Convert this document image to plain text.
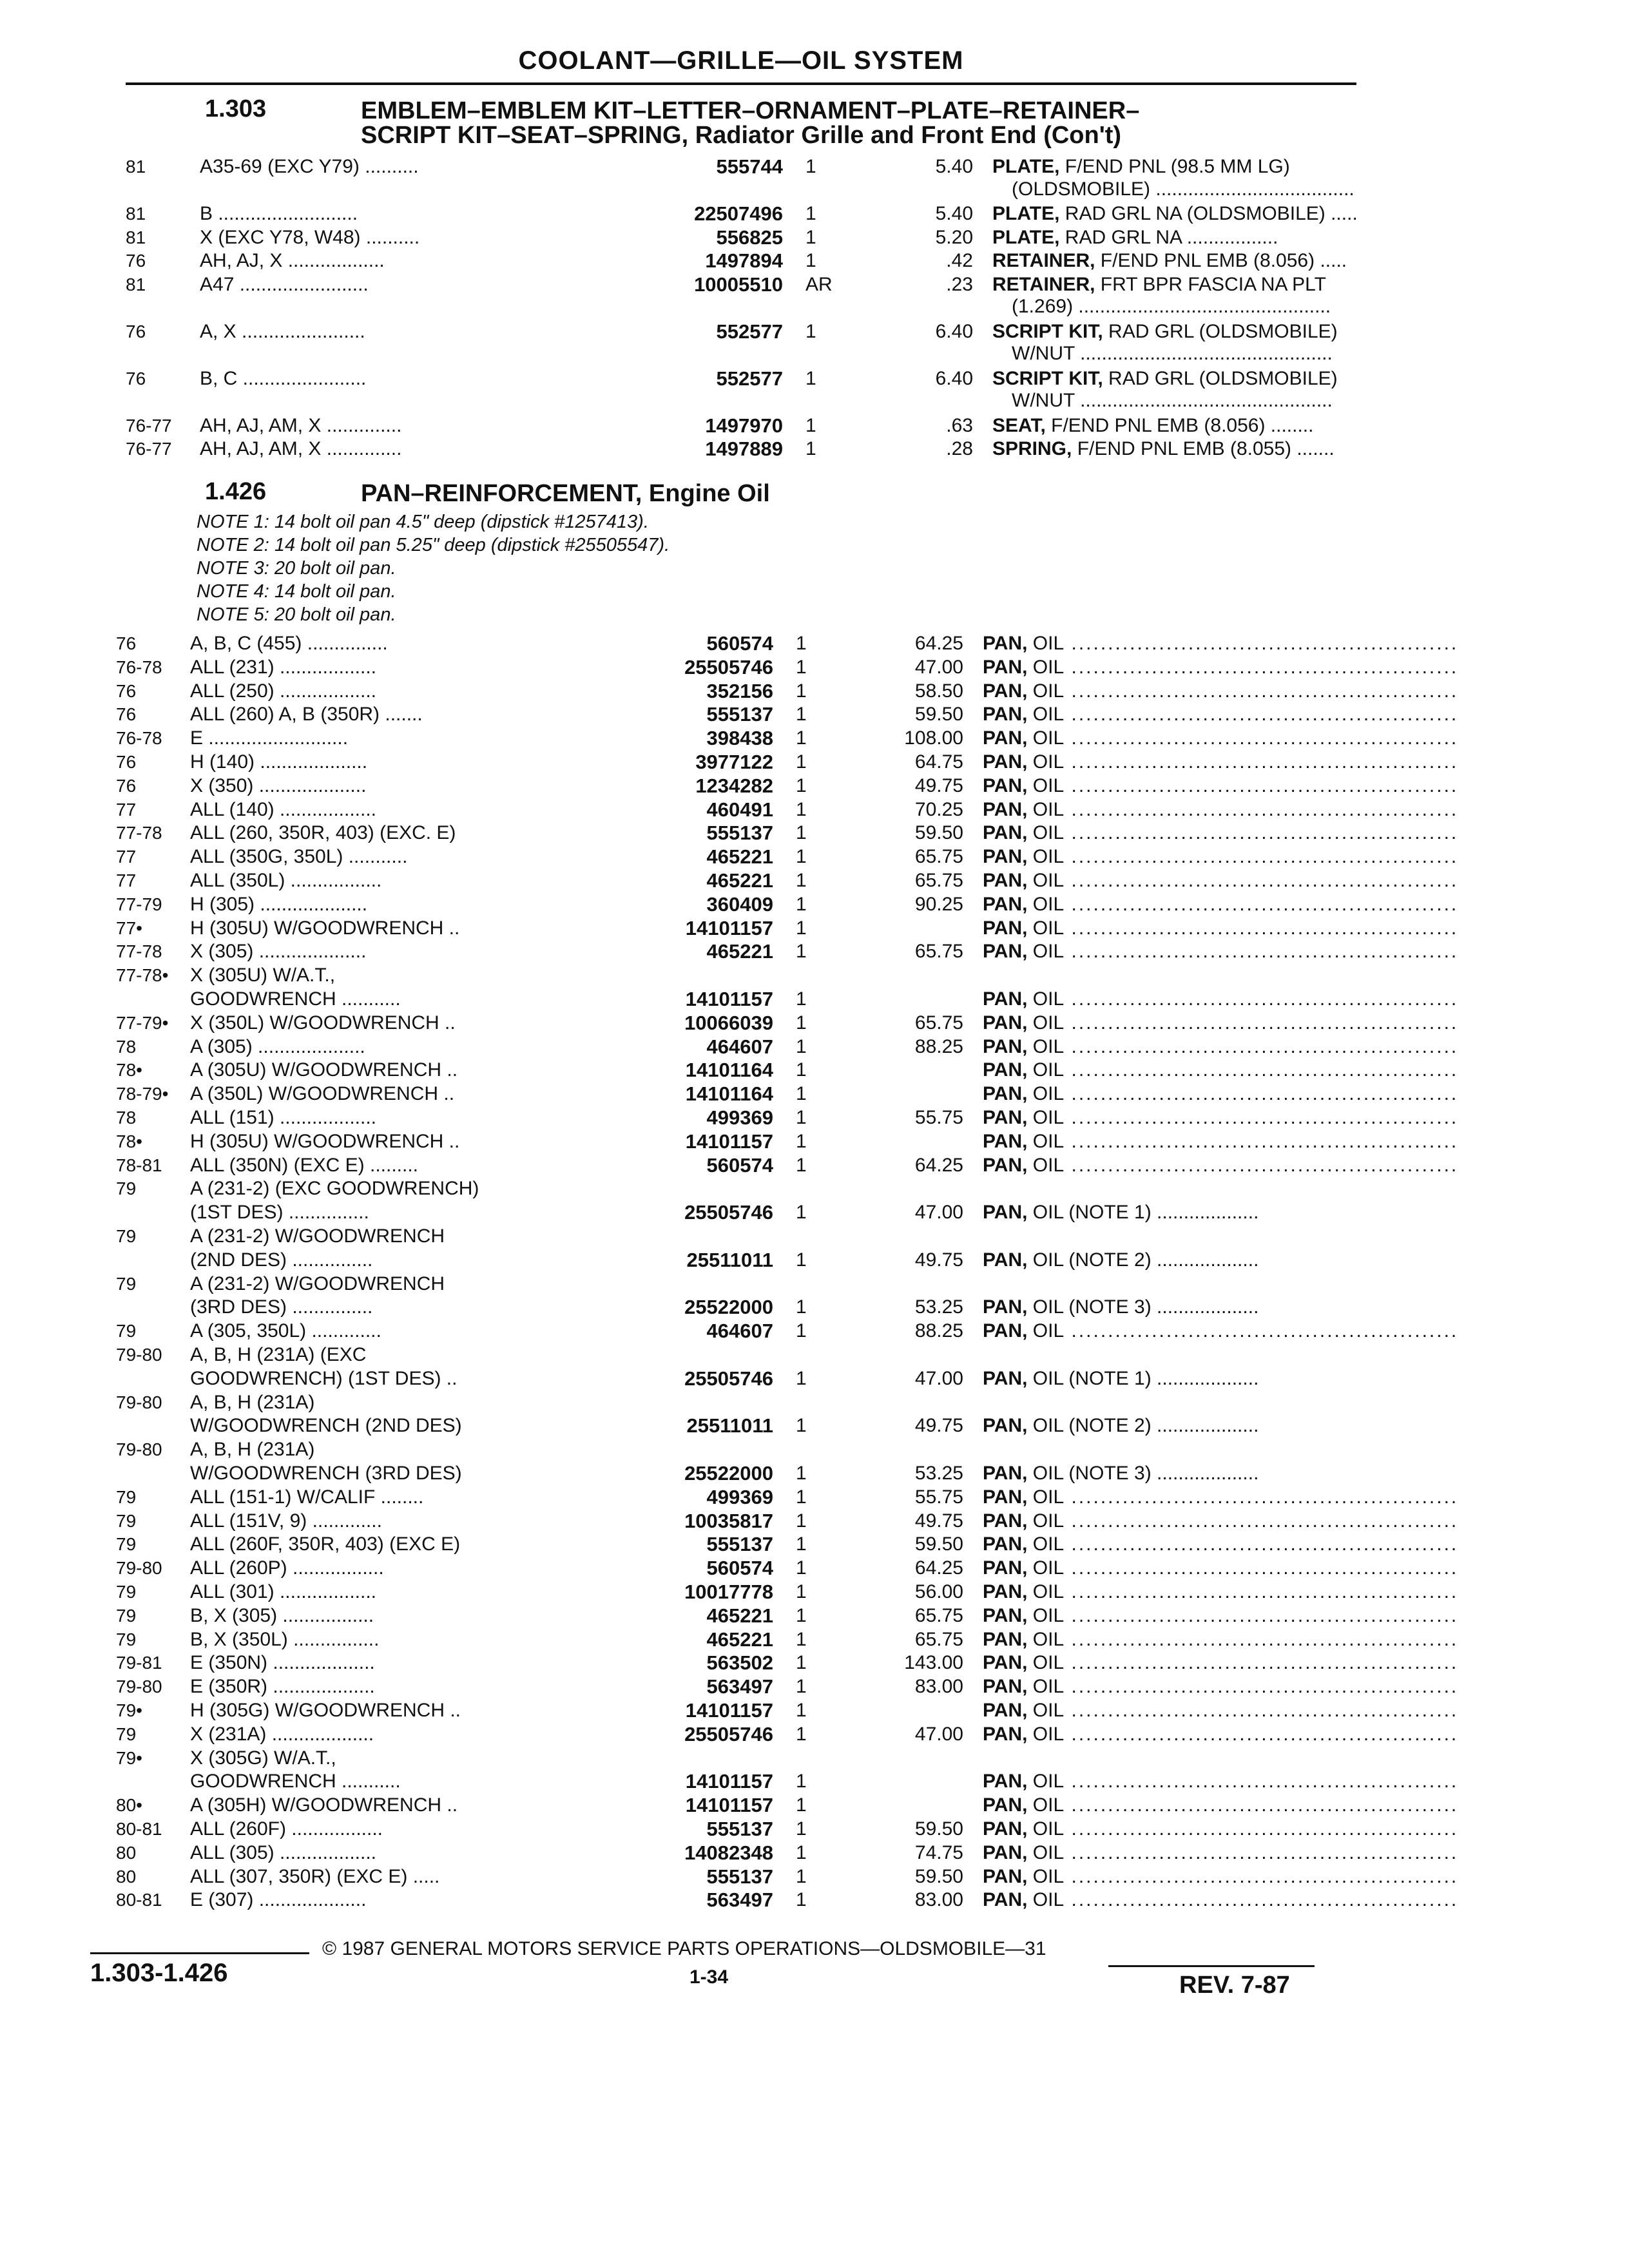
COOLANT—GRILLE—OIL SYSTEM
1.303	EMBLEM–EMBLEM KIT–LETTER–ORNAMENT–PLATE–RETAINER–
SCRIPT KIT–SEAT–SPRING, Radiator Grille and Front End (Con't)
81	A35-69 (EXC Y79) ..........	555744 1	5.40 PLATE, F/END PNL (98.5 MM LG)
(OLDSMOBILE) .....................................
81	B ..........................	22507496 1	5.40 PLATE, RAD GRL NA (OLDSMOBILE) .....
81	X (EXC Y78, W48) ..........	556825 1	5.20 PLATE, RAD GRL NA .................
76	AH, AJ, X ..................	1497894 1	.42 RETAINER, F/END PNL EMB (8.056) .....
81	A47 ........................	10005510 AR	.23 RETAINER, FRT BPR FASCIA NA PLT
(1.269) ...............................................
76	A, X .......................	552577 1	6.40 SCRIPT KIT, RAD GRL (OLDSMOBILE)
W/NUT ...............................................
76	B, C .......................	552577 1	6.40 SCRIPT KIT, RAD GRL (OLDSMOBILE)
W/NUT ...............................................
76-77	AH, AJ, AM, X ..............	1497970 1	.63 SEAT, F/END PNL EMB (8.056) ........
76-77	AH, AJ, AM, X ..............	1497889 1	.28 SPRING, F/END PNL EMB (8.055) .......
1.426	PAN–REINFORCEMENT, Engine Oil
NOTE 1: 14 bolt oil pan 4.5" deep (dipstick #1257413).
NOTE 2: 14 bolt oil pan 5.25" deep (dipstick #25505547).
NOTE 3: 20 bolt oil pan.
NOTE 4: 14 bolt oil pan.
NOTE 5: 20 bolt oil pan.
76	A, B, C (455) ...............	560574 1	64.25 PAN, OIL .....
76-78	ALL (231) ..................	25505746 1	47.00 PAN, OIL .....
76	ALL (250) ..................	352156 1	58.50 PAN, OIL .....
76	ALL (260) A, B (350R) .......	555137 1	59.50 PAN, OIL .....
76-78	E ..........................	398438 1	108.00 PAN, OIL .....
76	H (140) ....................	3977122 1	64.75 PAN, OIL .....
76	X (350) ....................	1234282 1	49.75 PAN, OIL .....
77	ALL (140) ..................	460491 1	70.25 PAN, OIL .....
77-78	ALL (260, 350R, 403) (EXC. E)	555137 1	59.50 PAN, OIL .....
77	ALL (350G, 350L) ...........	465221 1	65.75 PAN, OIL .....
77	ALL (350L) .................	465221 1	65.75 PAN, OIL .....
77-79	H (305) ....................	360409 1	90.25 PAN, OIL .....
77•	H (305U) W/GOODWRENCH ..	14101157 1	PAN, OIL .....
77-78	X (305) ....................	465221 1	65.75 PAN, OIL .....
77-78•	X (305U) W/A.T.,
GOODWRENCH ...........	14101157 1	PAN, OIL .....
77-79•	X (350L) W/GOODWRENCH ..	10066039 1	65.75 PAN, OIL .....
78	A (305) ....................	464607 1	88.25 PAN, OIL .....
78•	A (305U) W/GOODWRENCH ..	14101164 1	PAN, OIL .....
78-79•	A (350L) W/GOODWRENCH ..	14101164 1	PAN, OIL .....
78	ALL (151) ..................	499369 1	55.75 PAN, OIL .....
78•	H (305U) W/GOODWRENCH ..	14101157 1	PAN, OIL .....
78-81	ALL (350N) (EXC E) .........	560574 1	64.25 PAN, OIL .....
79	A (231-2) (EXC GOODWRENCH)
(1ST DES) ...............	25505746 1	47.00 PAN, OIL (NOTE 1) ...................
79	A (231-2) W/GOODWRENCH
(2ND DES) ...............	25511011 1	49.75 PAN, OIL (NOTE 2) ...................
79	A (231-2) W/GOODWRENCH
(3RD DES) ...............	25522000 1	53.25 PAN, OIL (NOTE 3) ...................
79	A (305, 350L) .............	464607 1	88.25 PAN, OIL .....
79-80	A, B, H (231A) (EXC
GOODWRENCH) (1ST DES) ..	25505746 1	47.00 PAN, OIL (NOTE 1) ...................
79-80	A, B, H (231A)
W/GOODWRENCH (2ND DES)	25511011 1	49.75 PAN, OIL (NOTE 2) ...................
79-80	A, B, H (231A)
W/GOODWRENCH (3RD DES)	25522000 1	53.25 PAN, OIL (NOTE 3) ...................
79	ALL (151-1) W/CALIF ........	499369 1	55.75 PAN, OIL .....
79	ALL (151V, 9) .............	10035817 1	49.75 PAN, OIL .....
79	ALL (260F, 350R, 403) (EXC E)	555137 1	59.50 PAN, OIL .....
79-80	ALL (260P) .................	560574 1	64.25 PAN, OIL .....
79	ALL (301) ..................	10017778 1	56.00 PAN, OIL .....
79	B, X (305) .................	465221 1	65.75 PAN, OIL .....
79	B, X (350L) ................	465221 1	65.75 PAN, OIL .....
79-81	E (350N) ...................	563502 1	143.00 PAN, OIL .....
79-80	E (350R) ...................	563497 1	83.00 PAN, OIL .....
79•	H (305G) W/GOODWRENCH ..	14101157 1	PAN, OIL .....
79	X (231A) ...................	25505746 1	47.00 PAN, OIL .....
79•	X (305G) W/A.T.,
GOODWRENCH ...........	14101157 1	PAN, OIL .....
80•	A (305H) W/GOODWRENCH ..	14101157 1	PAN, OIL .....
80-81	ALL (260F) .................	555137 1	59.50 PAN, OIL .....
80	ALL (305) ..................	14082348 1	74.75 PAN, OIL .....
80	ALL (307, 350R) (EXC E) .....	555137 1	59.50 PAN, OIL .....
80-81	E (307) ....................	563497 1	83.00 PAN, OIL .....
© 1987 GENERAL MOTORS SERVICE PARTS OPERATIONS—OLDSMOBILE—31
1.303-1.426	1-34	REV. 7-87
